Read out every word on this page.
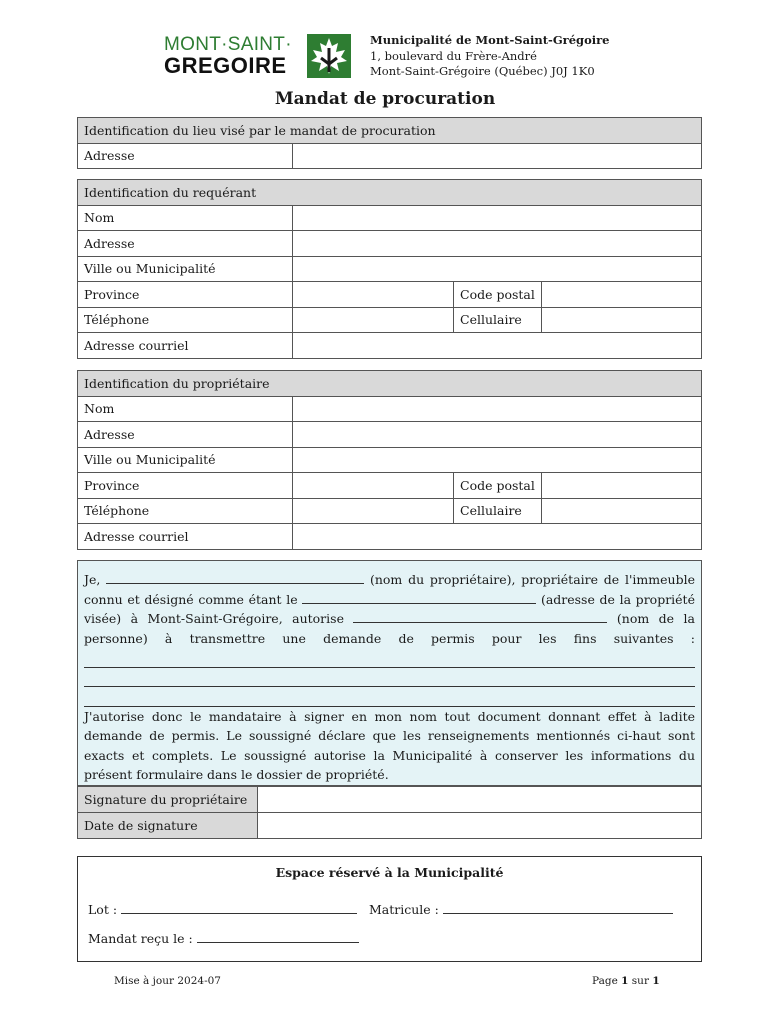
MONT·SAINT·
GREGOIRE
Municipalité de Mont-Saint-Grégoire
1, boulevard du Frère-André
Mont-Saint-Grégoire (Québec) J0J 1K0
Mandat de procuration
Identification du lieu visé par le mandat de procuration
Adresse	
Identification du requérant			
Nom			
Adresse			
Ville ou Municipalité			
Province		Code postal	
Téléphone		Cellulaire	
Adresse courriel			
Identification du propriétaire			
Nom			
Adresse			
Ville ou Municipalité			
Province		Code postal	
Téléphone		Cellulaire	
Adresse courriel			

Je,	(nom du propriétaire), propriétaire de l'immeuble connu et désigné comme étant le	(adresse de la propriété visée) à Mont-Saint-Grégoire, autorise	(nom de la personne) à transmettre une demande de permis pour les fins suivantes :

J'autorise donc le mandataire à signer en mon nom tout document donnant effet à ladite demande de permis. Le soussigné déclare que les renseignements mentionnés ci-haut sont exacts et complets. Le soussigné autorise la Municipalité à conserver les informations du présent formulaire dans le dossier de propriété.

Signature du propriétaire	
Date de signature	
Espace réservé à la Municipalité
Lot :	Matricule :
Mandat reçu le :
Mise à jour 2024-07	Page 1 sur 1
